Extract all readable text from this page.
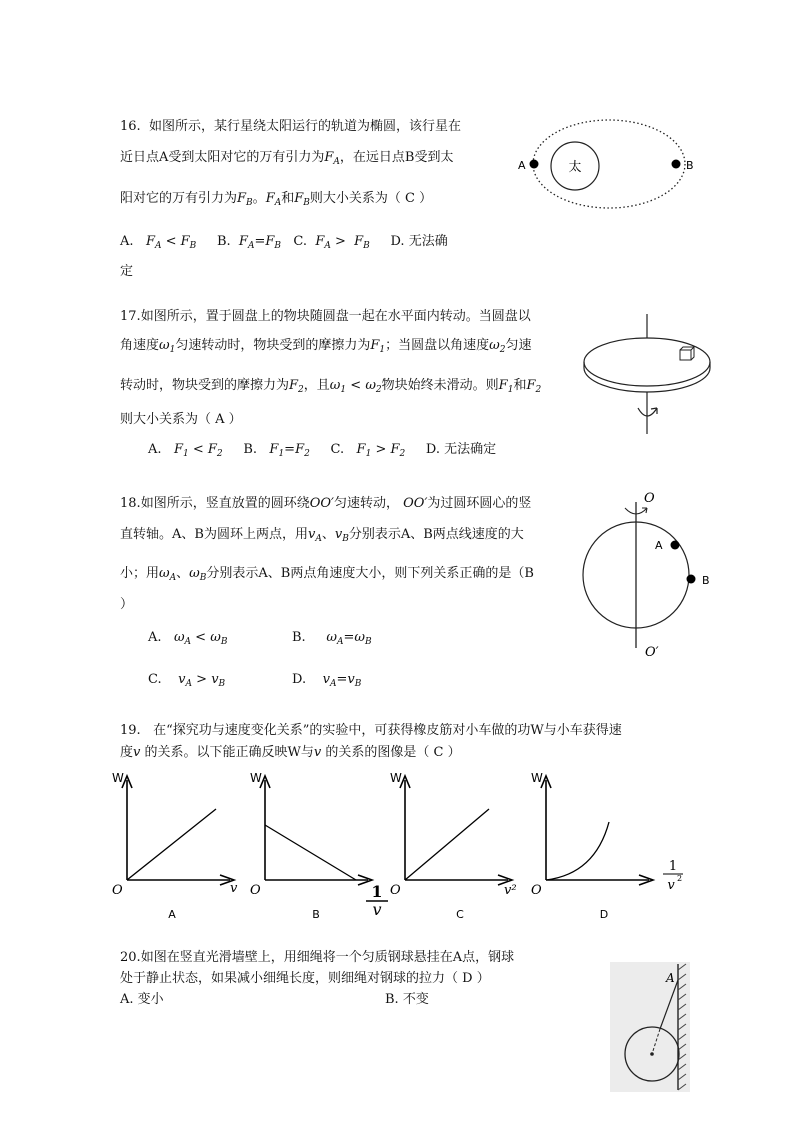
16. 如图所示，某行星绕太阳运行的轨道为椭圆，该行星在
近日点A受到太阳对它的万有引力为$F_A$，在远日点B受到太
阳对它的万有引力为$F_B$。$F_A$和$F_B$则大小关系为（ C ）
A. $F_A < F_B$ B. $F_A=F_B$ C. $F_A > F_B$ D. 无法确
定
太
A	B
17.如图所示，置于圆盘上的物块随圆盘一起在水平面内转动。当圆盘以
角速度$\omega_1$匀速转动时，物块受到的摩擦力为$F_1$；当圆盘以角速度$\omega_2$匀速
转动时，物块受到的摩擦力为$F_2$，且$\omega_1 < \omega_2$物块始终未滑动。则$F_1$和$F_2$
则大小关系为（ A ）
A. $F_1 < F_2$ B. $F_1=F_2$ C. $F_1 > F_2$ D. 无法确定
18.如图所示，竖直放置的圆环绕OO′匀速转动， OO′为过圆环圆心的竖
直转轴。A、B为圆环上两点，用$v_A$、$v_B$分别表示A、B两点线速度的大
小；用$\omega_A$、$\omega_B$分别表示A、B两点角速度大小，则下列关系正确的是（B
）
A. $\omega_A < \omega_B$	B. $\omega_A=\omega_B$
C. $v_A > v_B$	D. $v_A=v_B$
O
O′
A
B
19. 在“探究功与速度变化关系”的实验中，可获得橡皮筋对小车做的功W与小车获得速
度v 的关系。以下能正确反映W与v 的关系的图像是（ C ）
W
O	v
A
W
O	1
v
B
W
O	v²
C
W
O
1
v 2
D
20.如图在竖直光滑墙壁上，用细绳将一个匀质钢球悬挂在A点，钢球
处于静止状态，如果减小细绳长度，则细绳对钢球的拉力（ D ）
A. 变小	B. 不变
A
